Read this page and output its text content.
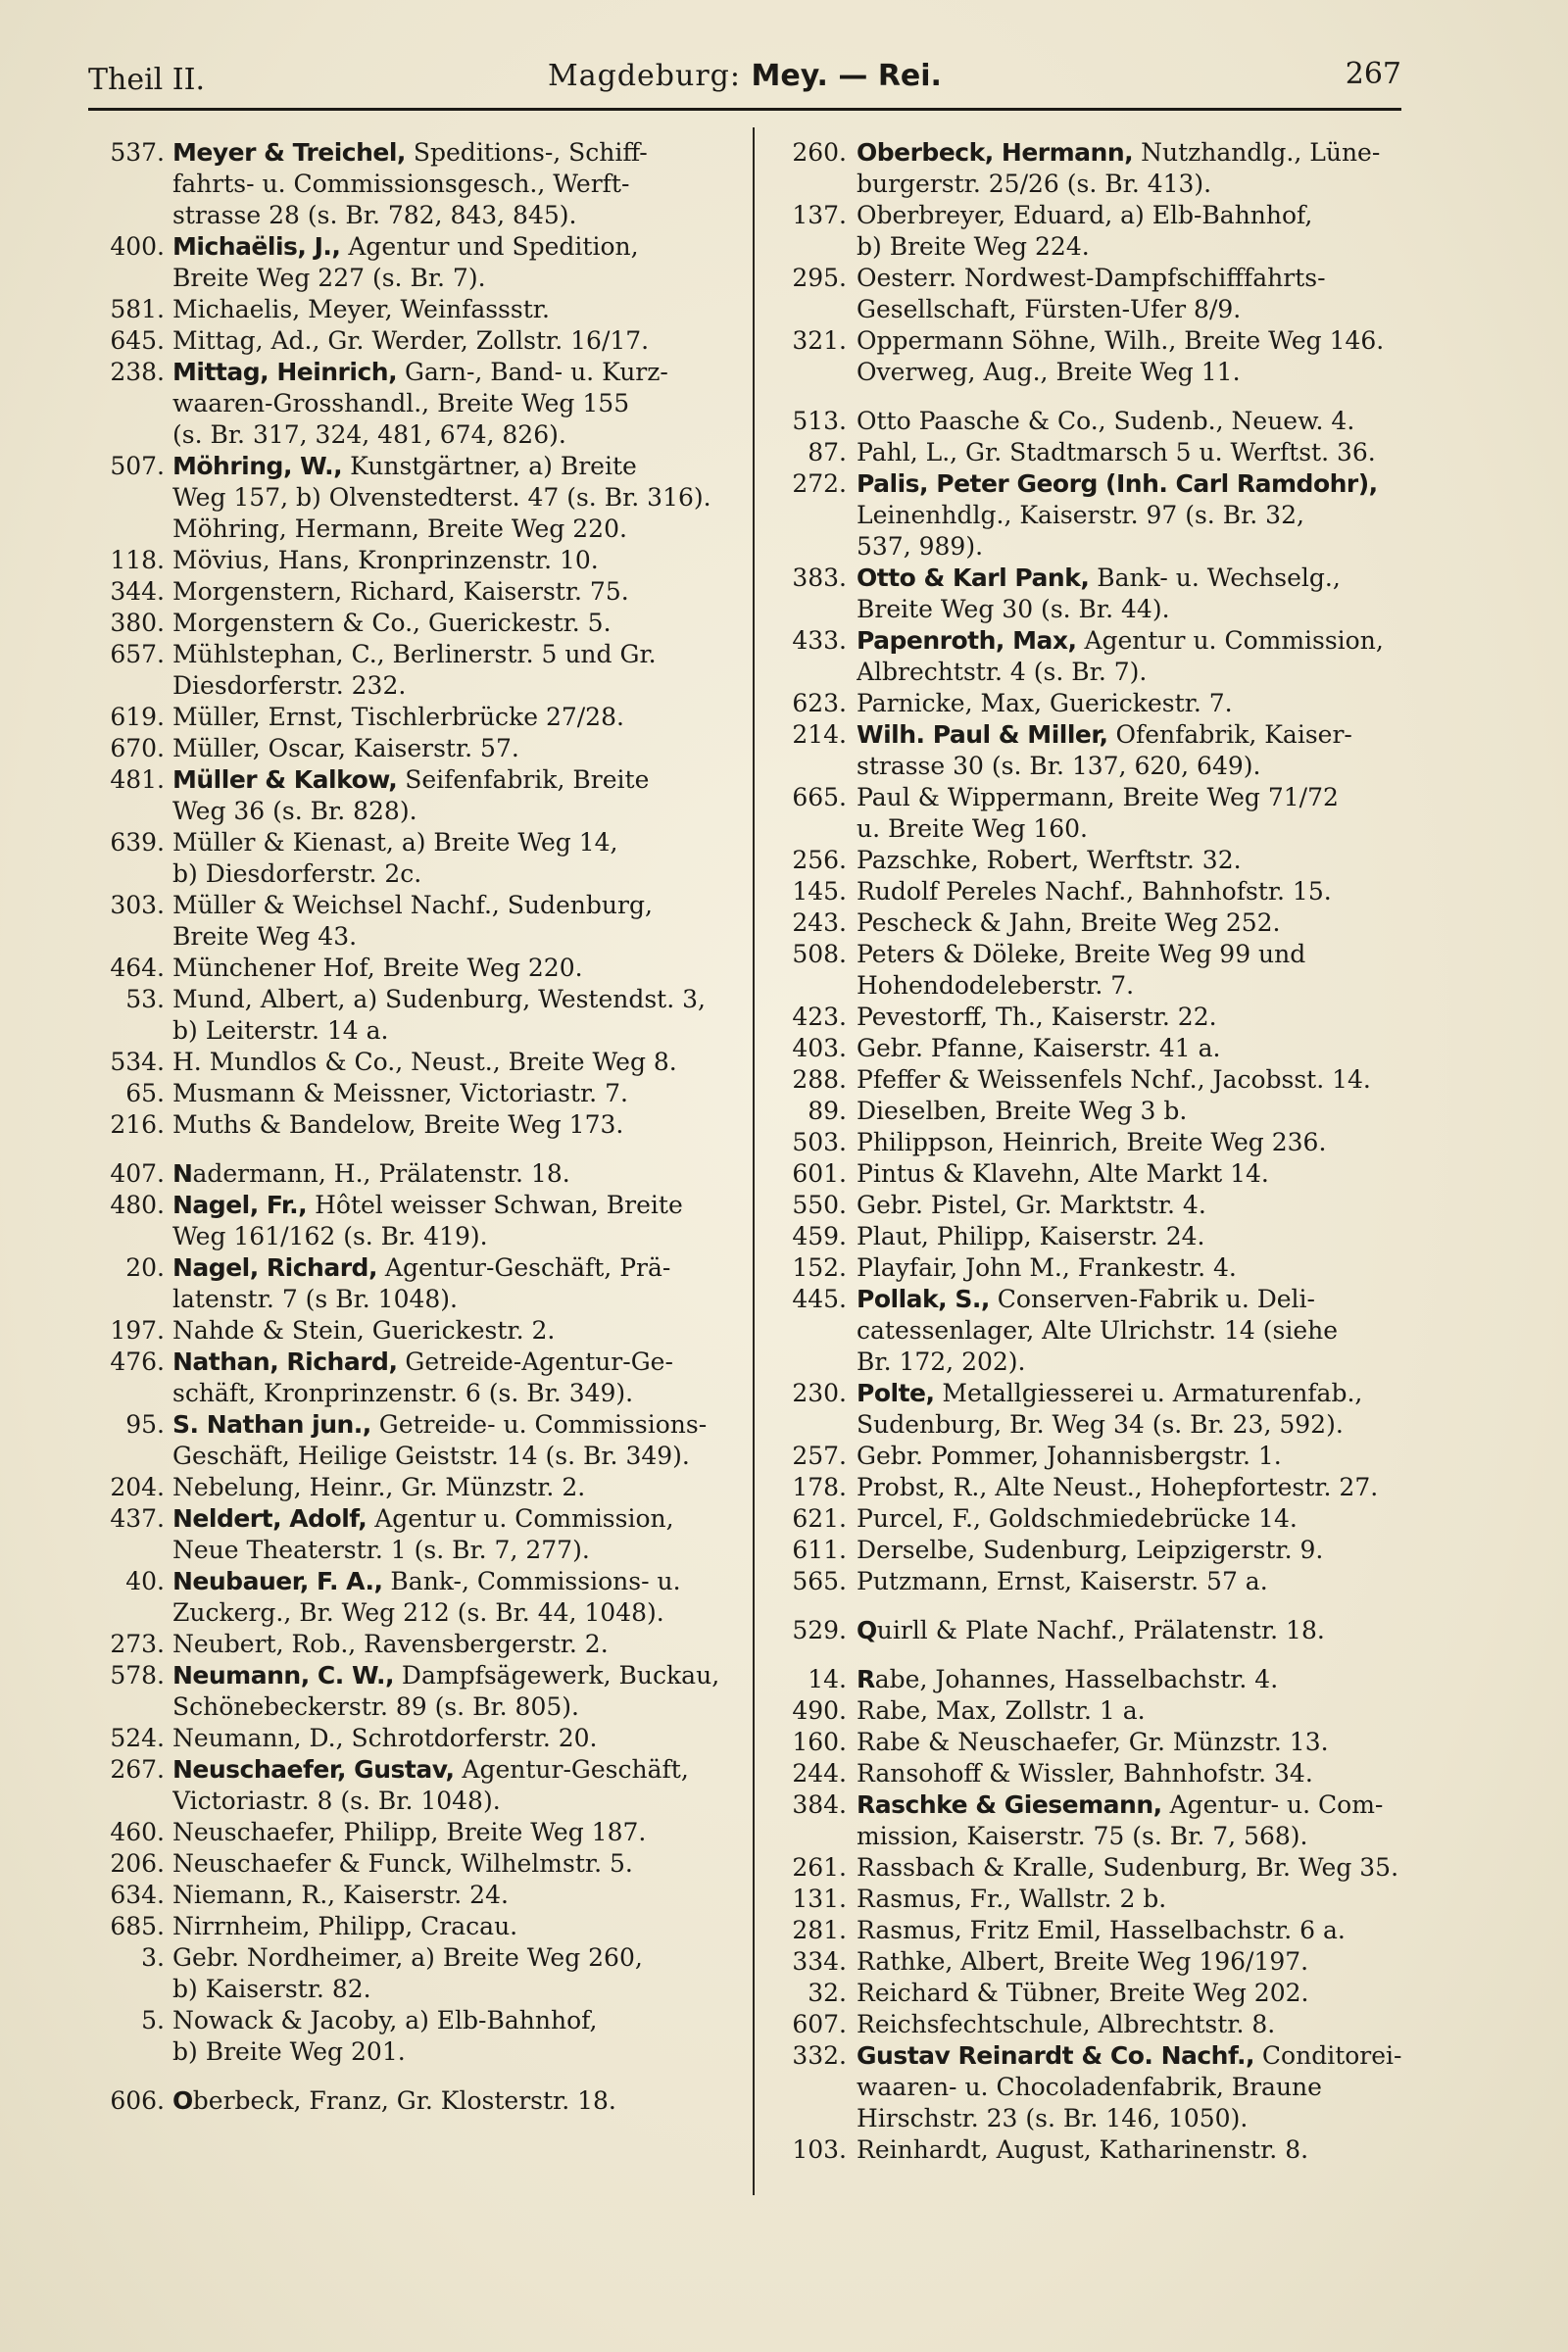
Theil II.	Magdeburg: Mey. — Rei.	267
537. Meyer & Treichel, Speditions-, Schiff-
fahrts- u. Commissionsgesch., Werft-
strasse 28 (s. Br. 782, 843, 845).
400. Michaëlis, J., Agentur und Spedition,
Breite Weg 227 (s. Br. 7).
581. Michaelis, Meyer, Weinfassstr.
645. Mittag, Ad., Gr. Werder, Zollstr. 16/17.
238. Mittag, Heinrich, Garn-, Band- u. Kurz-
waaren-Grosshandl., Breite Weg 155
(s. Br. 317, 324, 481, 674, 826).
507. Möhring, W., Kunstgärtner, a) Breite
Weg 157, b) Olvenstedterst. 47 (s. Br. 316).
Möhring, Hermann, Breite Weg 220.
118. Mövius, Hans, Kronprinzenstr. 10.
344. Morgenstern, Richard, Kaiserstr. 75.
380. Morgenstern & Co., Guerickestr. 5.
657. Mühlstephan, C., Berlinerstr. 5 und Gr.
Diesdorferstr. 232.
619. Müller, Ernst, Tischlerbrücke 27/28.
670. Müller, Oscar, Kaiserstr. 57.
481. Müller & Kalkow, Seifenfabrik, Breite
Weg 36 (s. Br. 828).
639. Müller & Kienast, a) Breite Weg 14,
b) Diesdorferstr. 2c.
303. Müller & Weichsel Nachf., Sudenburg,
Breite Weg 43.
464. Münchener Hof, Breite Weg 220.
53. Mund, Albert, a) Sudenburg, Westendst. 3,
b) Leiterstr. 14 a.
534. H. Mundlos & Co., Neust., Breite Weg 8.
65. Musmann & Meissner, Victoriastr. 7.
216. Muths & Bandelow, Breite Weg 173.
407. Nadermann, H., Prälatenstr. 18.
480. Nagel, Fr., Hôtel weisser Schwan, Breite
Weg 161/162 (s. Br. 419).
20. Nagel, Richard, Agentur-Geschäft, Prä-
latenstr. 7 (s Br. 1048).
197. Nahde & Stein, Guerickestr. 2.
476. Nathan, Richard, Getreide-Agentur-Ge-
schäft, Kronprinzenstr. 6 (s. Br. 349).
95. S. Nathan jun., Getreide- u. Commissions-
Geschäft, Heilige Geiststr. 14 (s. Br. 349).
204. Nebelung, Heinr., Gr. Münzstr. 2.
437. Neldert, Adolf, Agentur u. Commission,
Neue Theaterstr. 1 (s. Br. 7, 277).
40. Neubauer, F. A., Bank-, Commissions- u.
Zuckerg., Br. Weg 212 (s. Br. 44, 1048).
273. Neubert, Rob., Ravensbergerstr. 2.
578. Neumann, C. W., Dampfsägewerk, Buckau,
Schönebeckerstr. 89 (s. Br. 805).
524. Neumann, D., Schrotdorferstr. 20.
267. Neuschaefer, Gustav, Agentur-Geschäft,
Victoriastr. 8 (s. Br. 1048).
460. Neuschaefer, Philipp, Breite Weg 187.
206. Neuschaefer & Funck, Wilhelmstr. 5.
634. Niemann, R., Kaiserstr. 24.
685. Nirrnheim, Philipp, Cracau.
3. Gebr. Nordheimer, a) Breite Weg 260,
b) Kaiserstr. 82.
5. Nowack & Jacoby, a) Elb-Bahnhof,
b) Breite Weg 201.
606. Oberbeck, Franz, Gr. Klosterstr. 18.
260. Oberbeck, Hermann, Nutzhandlg., Lüne-
burgerstr. 25/26 (s. Br. 413).
137. Oberbreyer, Eduard, a) Elb-Bahnhof,
b) Breite Weg 224.
295. Oesterr. Nordwest-Dampfschifffahrts-
Gesellschaft, Fürsten-Ufer 8/9.
321. Oppermann Söhne, Wilh., Breite Weg 146.
Overweg, Aug., Breite Weg 11.
513. Otto Paasche & Co., Sudenb., Neuew. 4.
87. Pahl, L., Gr. Stadtmarsch 5 u. Werftst. 36.
272. Palis, Peter Georg (Inh. Carl Ramdohr),
Leinenhdlg., Kaiserstr. 97 (s. Br. 32,
537, 989).
383. Otto & Karl Pank, Bank- u. Wechselg.,
Breite Weg 30 (s. Br. 44).
433. Papenroth, Max, Agentur u. Commission,
Albrechtstr. 4 (s. Br. 7).
623. Parnicke, Max, Guerickestr. 7.
214. Wilh. Paul & Miller, Ofenfabrik, Kaiser-
strasse 30 (s. Br. 137, 620, 649).
665. Paul & Wippermann, Breite Weg 71/72
u. Breite Weg 160.
256. Pazschke, Robert, Werftstr. 32.
145. Rudolf Pereles Nachf., Bahnhofstr. 15.
243. Pescheck & Jahn, Breite Weg 252.
508. Peters & Döleke, Breite Weg 99 und
Hohendodeleberstr. 7.
423. Pevestorff, Th., Kaiserstr. 22.
403. Gebr. Pfanne, Kaiserstr. 41 a.
288. Pfeffer & Weissenfels Nchf., Jacobsst. 14.
89. Dieselben, Breite Weg 3 b.
503. Philippson, Heinrich, Breite Weg 236.
601. Pintus & Klavehn, Alte Markt 14.
550. Gebr. Pistel, Gr. Marktstr. 4.
459. Plaut, Philipp, Kaiserstr. 24.
152. Playfair, John M., Frankestr. 4.
445. Pollak, S., Conserven-Fabrik u. Deli-
catessenlager, Alte Ulrichstr. 14 (siehe
Br. 172, 202).
230. Polte, Metallgiesserei u. Armaturenfab.,
Sudenburg, Br. Weg 34 (s. Br. 23, 592).
257. Gebr. Pommer, Johannisbergstr. 1.
178. Probst, R., Alte Neust., Hohepfortestr. 27.
621. Purcel, F., Goldschmiedebrücke 14.
611. Derselbe, Sudenburg, Leipzigerstr. 9.
565. Putzmann, Ernst, Kaiserstr. 57 a.
529. Quirll & Plate Nachf., Prälatenstr. 18.
14. Rabe, Johannes, Hasselbachstr. 4.
490. Rabe, Max, Zollstr. 1 a.
160. Rabe & Neuschaefer, Gr. Münzstr. 13.
244. Ransohoff & Wissler, Bahnhofstr. 34.
384. Raschke & Giesemann, Agentur- u. Com-
mission, Kaiserstr. 75 (s. Br. 7, 568).
261. Rassbach & Kralle, Sudenburg, Br. Weg 35.
131. Rasmus, Fr., Wallstr. 2 b.
281. Rasmus, Fritz Emil, Hasselbachstr. 6 a.
334. Rathke, Albert, Breite Weg 196/197.
32. Reichard & Tübner, Breite Weg 202.
607. Reichsfechtschule, Albrechtstr. 8.
332. Gustav Reinardt & Co. Nachf., Conditorei-
waaren- u. Chocoladenfabrik, Braune
Hirschstr. 23 (s. Br. 146, 1050).
103. Reinhardt, August, Katharinenstr. 8.
